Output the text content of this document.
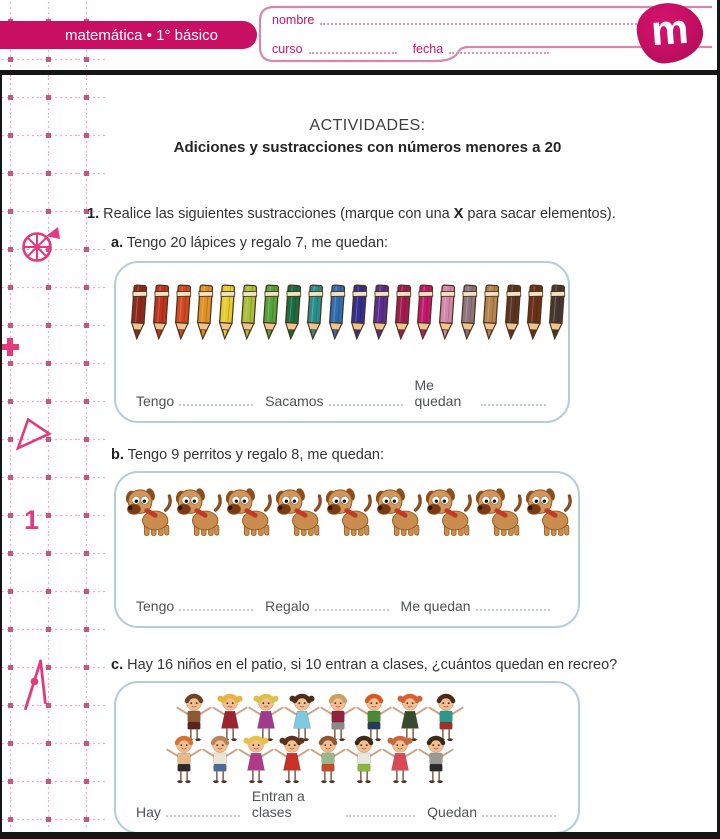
1
matemática • 1° básico
nombre
curso	fecha	m
ACTIVIDADES:
Adiciones y sustracciones con números menores a 20
1. Realice las siguientes sustracciones (marque con una X para sacar elementos).
a. Tengo 20 lápices y regalo 7, me quedan:
Tengo	Sacamos
Me quedan
b. Tengo 9 perritos y regalo 8, me quedan:
Tengo	Regalo	Me quedan
c. Hay 16 niños en el patio, si 10 entran a clases, ¿cuántos quedan en recreo?
Hay
Entran a clases	Quedan
